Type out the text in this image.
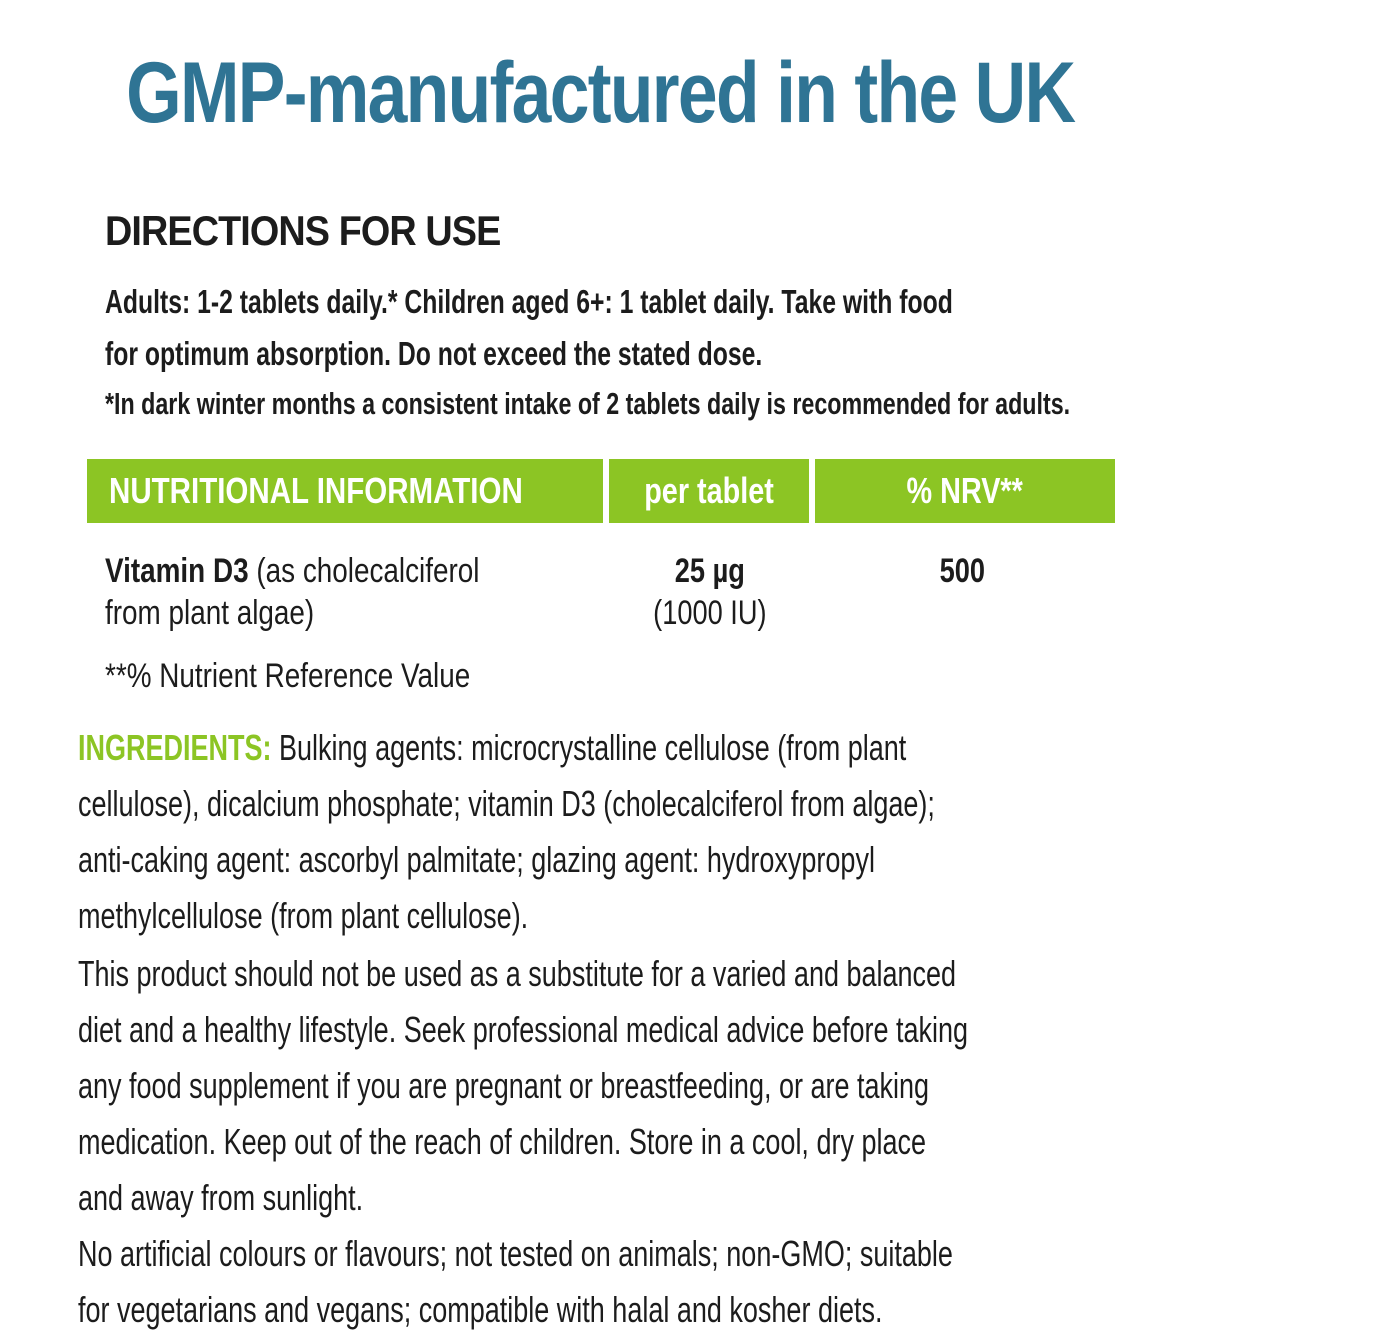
GMP-manufactured in the UK
DIRECTIONS FOR USE
Adults: 1-2 tablets daily.* Children aged 6+: 1 tablet daily. Take with food
for optimum absorption. Do not exceed the stated dose.
*In dark winter months a consistent intake of 2 tablets daily is recommended for adults.
NUTRITIONAL INFORMATION	per tablet	% NRV**
Vitamin D3 (as cholecalciferol
from plant algae)
25 µg
(1000 IU)
500
**% Nutrient Reference Value
INGREDIENTS: Bulking agents: microcrystalline cellulose (from plant
cellulose), dicalcium phosphate; vitamin D3 (cholecalciferol from algae);
anti-caking agent: ascorbyl palmitate; glazing agent: hydroxypropyl
methylcellulose (from plant cellulose).
This product should not be used as a substitute for a varied and balanced
diet and a healthy lifestyle. Seek professional medical advice before taking
any food supplement if you are pregnant or breastfeeding, or are taking
medication. Keep out of the reach of children. Store in a cool, dry place
and away from sunlight.
No artificial colours or flavours; not tested on animals; non-GMO; suitable
for vegetarians and vegans; compatible with halal and kosher diets.
